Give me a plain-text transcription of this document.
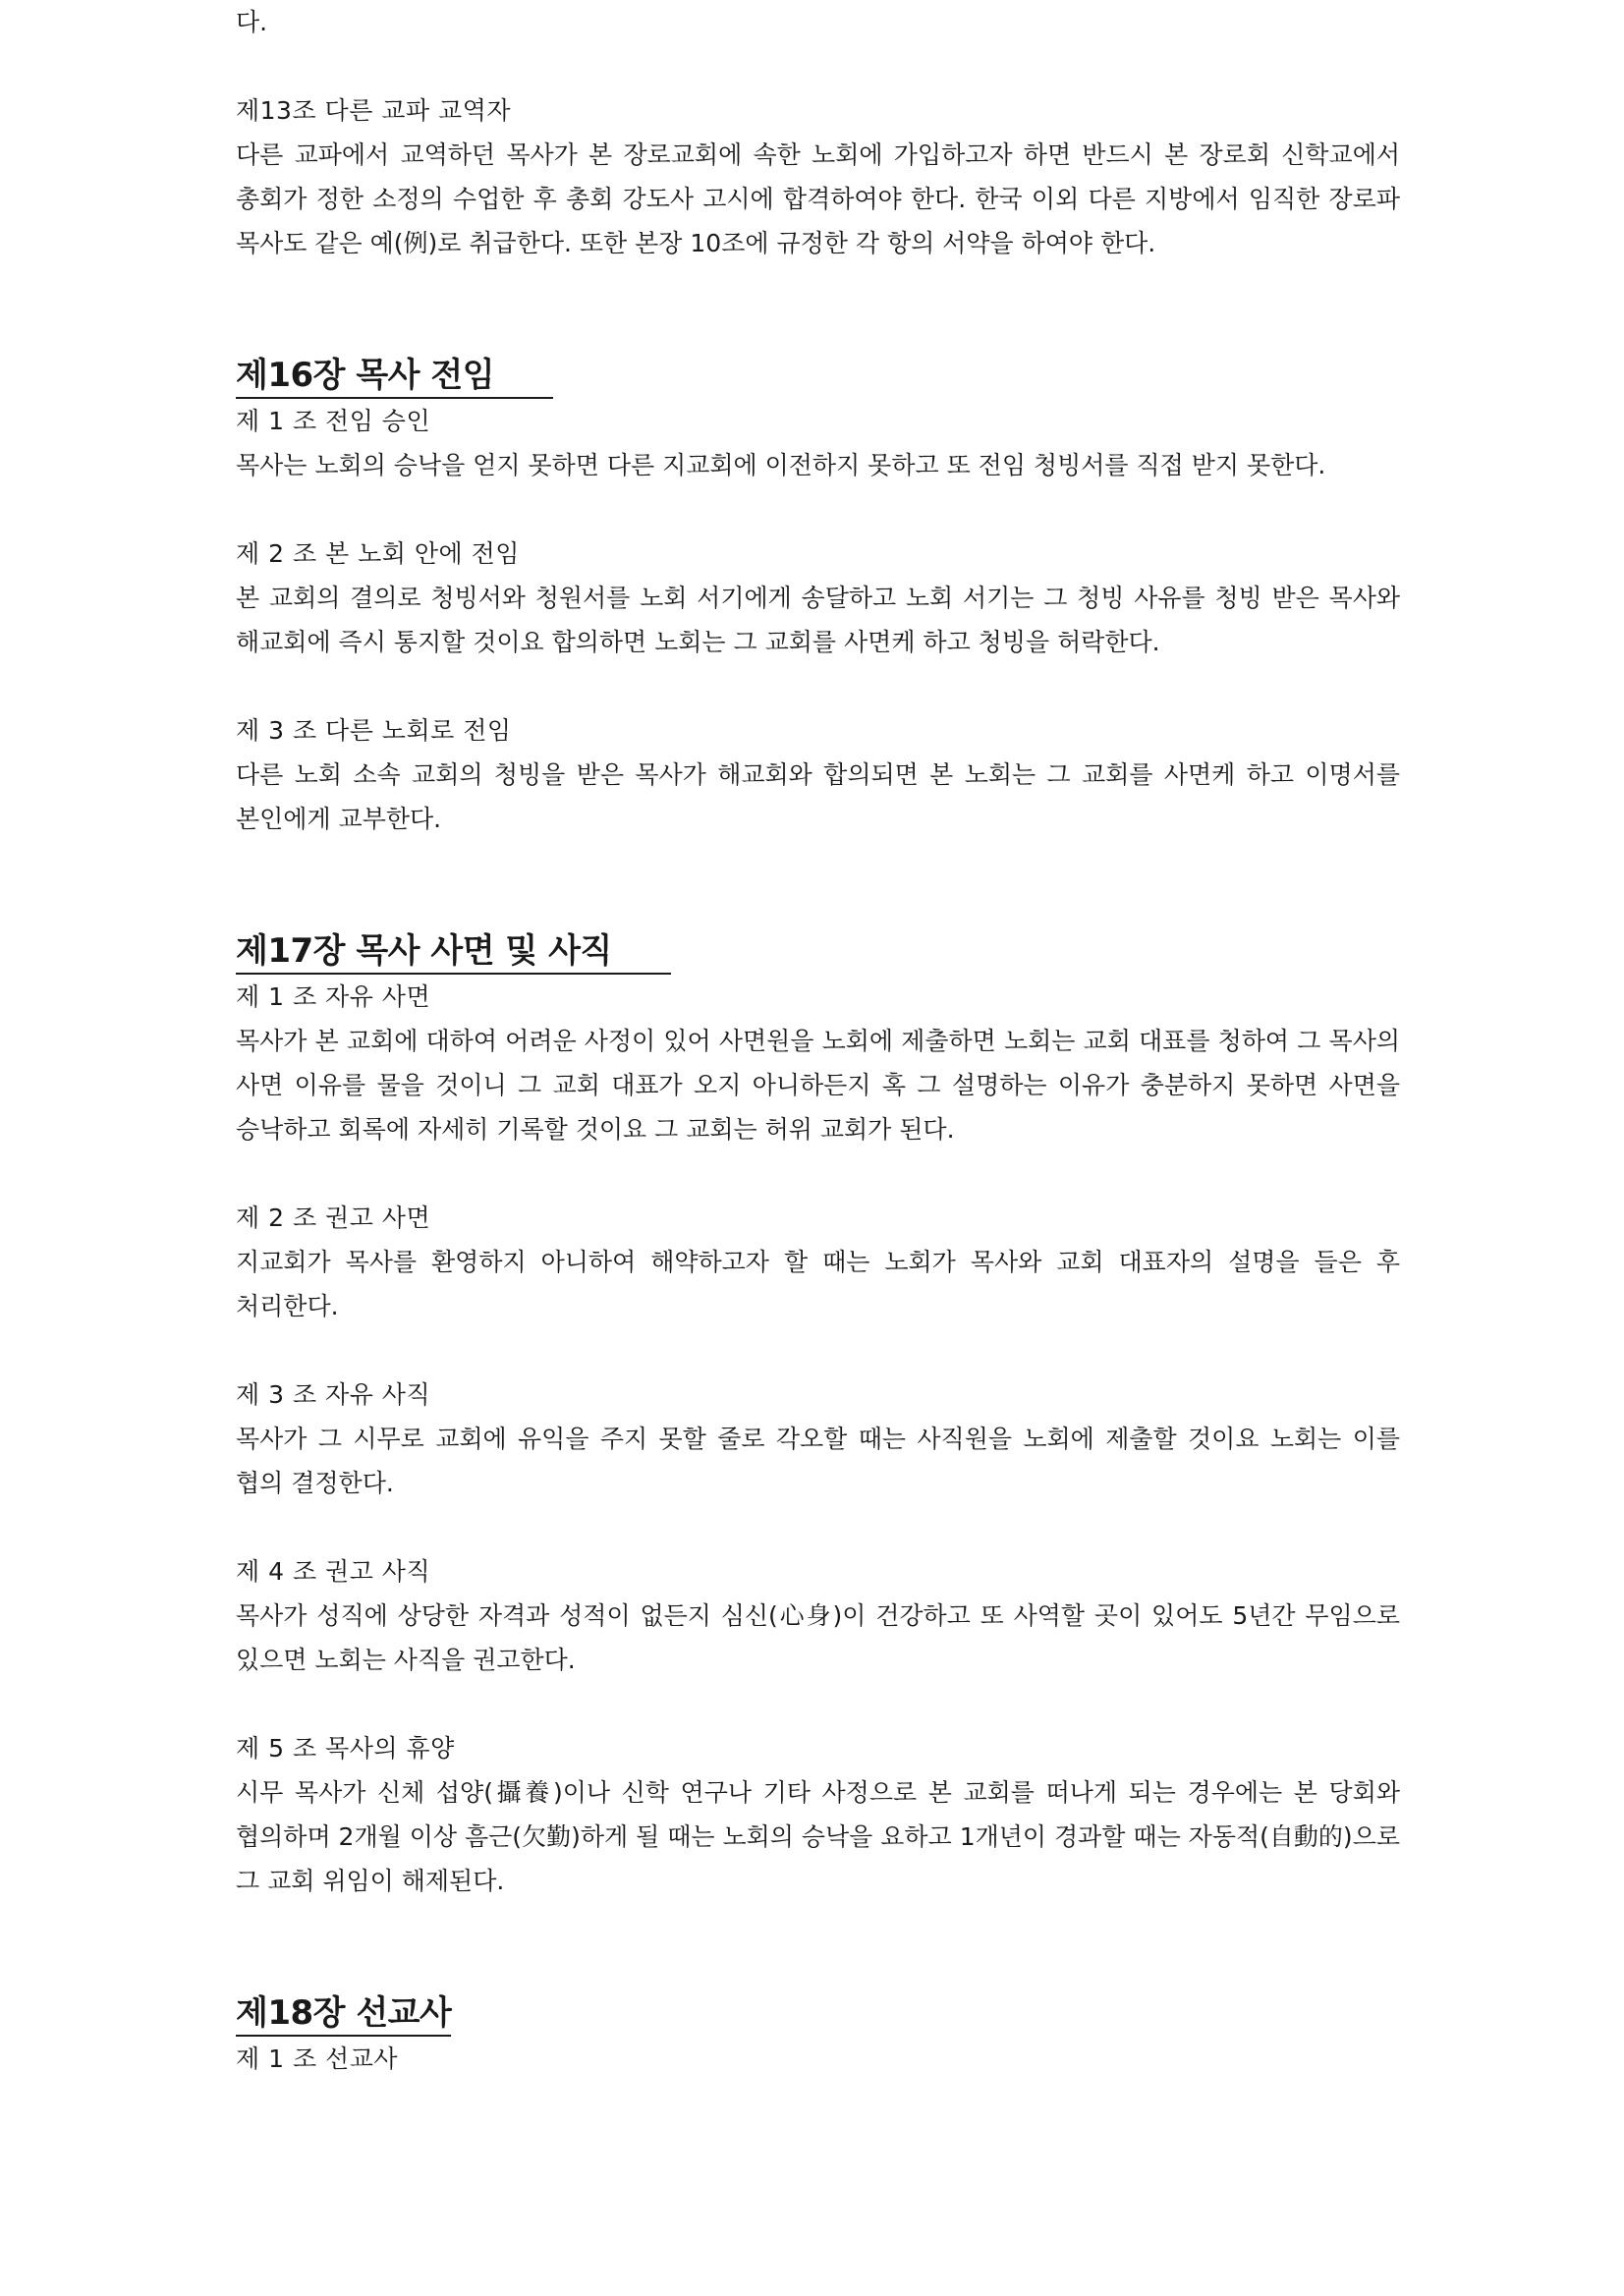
다.

제13조 다른 교파 교역자

다른 교파에서 교역하던 목사가 본 장로교회에 속한 노회에 가입하고자 하면 반드시 본 장로회 신학교에서 총회가 정한 소정의 수업한 후 총회 강도사 고시에 합격하여야 한다. 한국 이외 다른 지방에서 임직한 장로파 목사도 같은 예(例)로 취급한다. 또한 본장 10조에 규정한 각 항의 서약을 하여야 한다.

제16장 목사 전임

제 1 조 전임 승인

목사는 노회의 승낙을 얻지 못하면 다른 지교회에 이전하지 못하고 또 전임 청빙서를 직접 받지 못한다.

제 2 조 본 노회 안에 전임

본 교회의 결의로 청빙서와 청원서를 노회 서기에게 송달하고 노회 서기는 그 청빙 사유를 청빙 받은 목사와 해교회에 즉시 통지할 것이요 합의하면 노회는 그 교회를 사면케 하고 청빙을 허락한다.

제 3 조 다른 노회로 전임

다른 노회 소속 교회의 청빙을 받은 목사가 해교회와 합의되면 본 노회는 그 교회를 사면케 하고 이명서를 본인에게 교부한다.

제17장 목사 사면 및 사직

제 1 조 자유 사면

목사가 본 교회에 대하여 어려운 사정이 있어 사면원을 노회에 제출하면 노회는 교회 대표를 청하여 그 목사의 사면 이유를 물을 것이니 그 교회 대표가 오지 아니하든지 혹 그 설명하는 이유가 충분하지 못하면 사면을 승낙하고 회록에 자세히 기록할 것이요 그 교회는 허위 교회가 된다.

제 2 조 권고 사면

지교회가 목사를 환영하지 아니하여 해약하고자 할 때는 노회가 목사와 교회 대표자의 설명을 들은 후 처리한다.

제 3 조 자유 사직

목사가 그 시무로 교회에 유익을 주지 못할 줄로 각오할 때는 사직원을 노회에 제출할 것이요 노회는 이를 협의 결정한다.

제 4 조 권고 사직

목사가 성직에 상당한 자격과 성적이 없든지 심신(心身)이 건강하고 또 사역할 곳이 있어도 5년간 무임으로 있으면 노회는 사직을 권고한다.

제 5 조 목사의 휴양

시무 목사가 신체 섭양(攝養)이나 신학 연구나 기타 사정으로 본 교회를 떠나게 되는 경우에는 본 당회와 협의하며 2개월 이상 흠근(欠勤)하게 될 때는 노회의 승낙을 요하고 1개년이 경과할 때는 자동적(自動的)으로 그 교회 위임이 해제된다.

제18장 선교사

제 1 조 선교사
